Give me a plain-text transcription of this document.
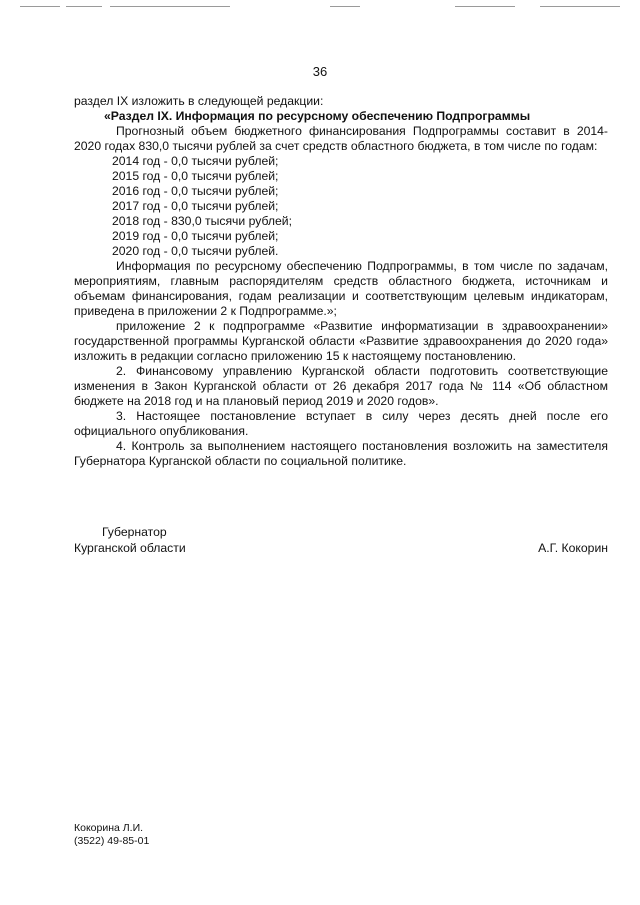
36

раздел IX изложить в следующей редакции:

«Раздел IX. Информация по ресурсному обеспечению Подпрограммы

Прогнозный объем бюджетного финансирования Подпрограммы составит в 2014-2020 годах 830,0 тысячи рублей за счет средств областного бюджета, в том числе по годам:

2014 год - 0,0 тысячи рублей;
2015 год - 0,0 тысячи рублей;
2016 год - 0,0 тысячи рублей;
2017 год - 0,0 тысячи рублей;
2018 год - 830,0 тысячи рублей;
2019 год - 0,0 тысячи рублей;
2020 год - 0,0 тысячи рублей.

Информация по ресурсному обеспечению Подпрограммы, в том числе по задачам, мероприятиям, главным распорядителям средств областного бюджета, источникам и объемам финансирования, годам реализации и соответствующим целевым индикаторам, приведена в приложении 2 к Подпрограмме.»;

приложение 2 к подпрограмме «Развитие информатизации в здравоохранении» государственной программы Курганской области «Развитие здравоохранения до 2020 года» изложить в редакции согласно приложению 15 к настоящему постановлению.

2. Финансовому управлению Курганской области подготовить соответствующие изменения в Закон Курганской области от 26 декабря 2017 года № 114 «Об областном бюджете на 2018 год и на плановый период 2019 и 2020 годов».

3. Настоящее постановление вступает в силу через десять дней после его официального опубликования.

4. Контроль за выполнением настоящего постановления возложить на заместителя Губернатора Курганской области по социальной политике.

Губернатор
Курганской области	А.Г. Кокорин
Кокорина Л.И.
(3522) 49-85-01
